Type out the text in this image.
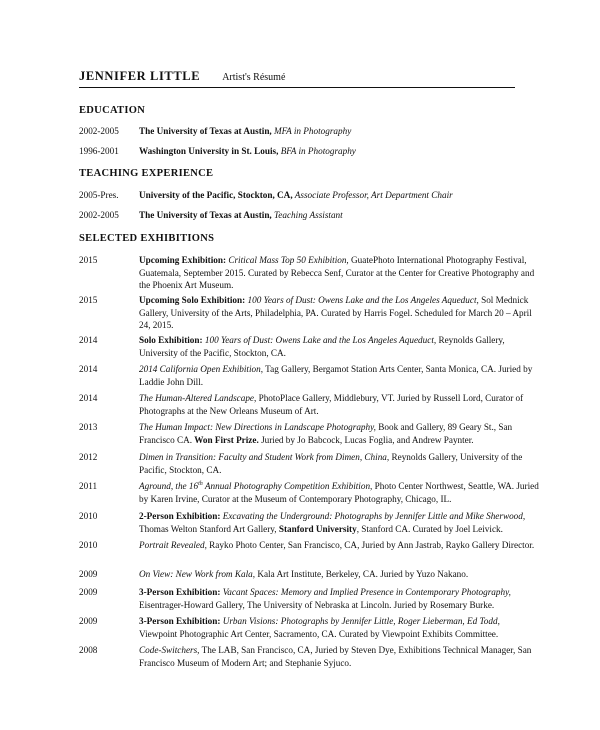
JENNIFER LITTLE Artist's Résumé
EDUCATION
2002-2005	The University of Texas at Austin, MFA in Photography
1996-2001	Washington University in St. Louis, BFA in Photography
TEACHING EXPERIENCE
2005-Pres.	University of the Pacific, Stockton, CA, Associate Professor, Art Department Chair
2002-2005	The University of Texas at Austin, Teaching Assistant
SELECTED EXHIBITIONS
2015	Upcoming Exhibition: Critical Mass Top 50 Exhibition, GuatePhoto International Photography Festival, Guatemala, September 2015. Curated by Rebecca Senf, Curator at the Center for Creative Photography and the Phoenix Art Museum.
2015	Upcoming Solo Exhibition: 100 Years of Dust: Owens Lake and the Los Angeles Aqueduct, Sol Mednick Gallery, University of the Arts, Philadelphia, PA. Curated by Harris Fogel. Scheduled for March 20 – April 24, 2015.
2014	Solo Exhibition: 100 Years of Dust: Owens Lake and the Los Angeles Aqueduct, Reynolds Gallery, University of the Pacific, Stockton, CA.
2014	2014 California Open Exhibition, Tag Gallery, Bergamot Station Arts Center, Santa Monica, CA. Juried by Laddie John Dill.
2014	The Human-Altered Landscape, PhotoPlace Gallery, Middlebury, VT. Juried by Russell Lord, Curator of Photographs at the New Orleans Museum of Art.
2013	The Human Impact: New Directions in Landscape Photography, Book and Gallery, 89 Geary St., San Francisco CA. Won First Prize. Juried by Jo Babcock, Lucas Foglia, and Andrew Paynter.
2012	Dimen in Transition: Faculty and Student Work from Dimen, China, Reynolds Gallery, University of the Pacific, Stockton, CA.
2011	Aground, the 16th Annual Photography Competition Exhibition, Photo Center Northwest, Seattle, WA. Juried by Karen Irvine, Curator at the Museum of Contemporary Photography, Chicago, IL.
2010	2-Person Exhibition: Excavating the Underground: Photographs by Jennifer Little and Mike Sherwood, Thomas Welton Stanford Art Gallery, Stanford University, Stanford CA. Curated by Joel Leivick.
2010	Portrait Revealed, Rayko Photo Center, San Francisco, CA, Juried by Ann Jastrab, Rayko Gallery Director.
2009	On View: New Work from Kala, Kala Art Institute, Berkeley, CA. Juried by Yuzo Nakano.
2009	3-Person Exhibition: Vacant Spaces: Memory and Implied Presence in Contemporary Photography, Eisentrager-Howard Gallery, The University of Nebraska at Lincoln. Juried by Rosemary Burke.
2009	3-Person Exhibition: Urban Visions: Photographs by Jennifer Little, Roger Lieberman, Ed Todd, Viewpoint Photographic Art Center, Sacramento, CA. Curated by Viewpoint Exhibits Committee.
2008	Code-Switchers, The LAB, San Francisco, CA, Juried by Steven Dye, Exhibitions Technical Manager, San Francisco Museum of Modern Art; and Stephanie Syjuco.
